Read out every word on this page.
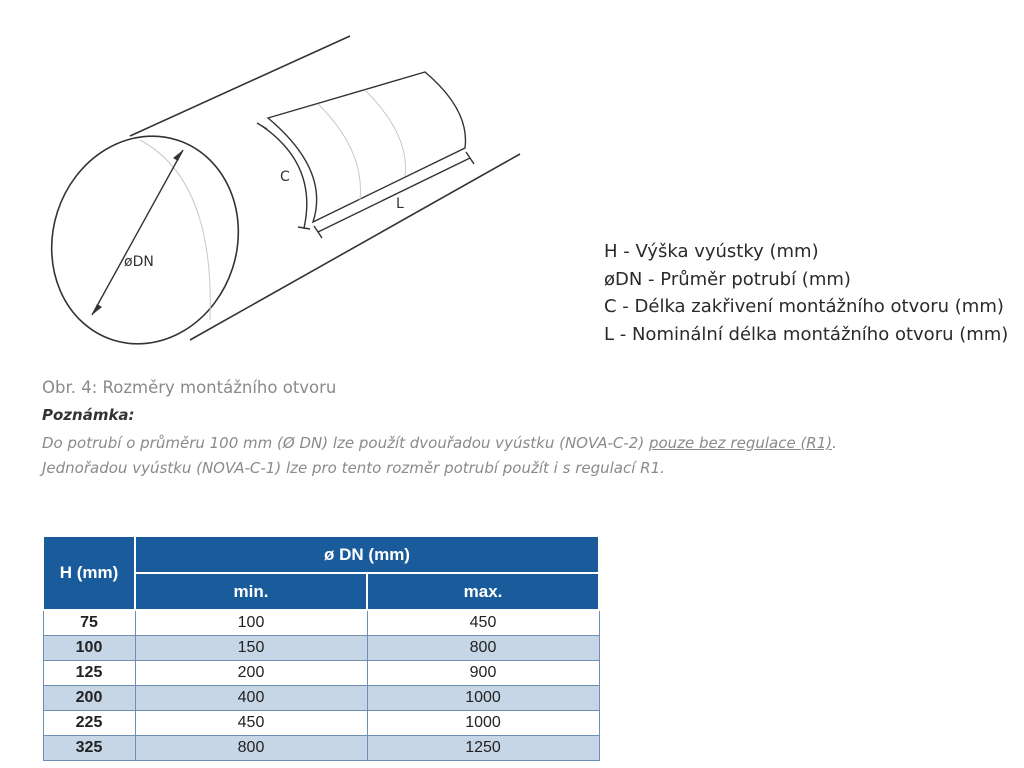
øDN
C
L
H - Výška vyústky (mm)
øDN - Průměr potrubí (mm)
C - Délka zakřivení montážního otvoru (mm)
L - Nominální délka montážního otvoru (mm)
Obr. 4: Rozměry montážního otvoru
Poznámka:
Do potrubí o průměru 100 mm (Ø DN) lze použít dvouřadou vyústku (NOVA-C-2) pouze bez regulace (R1).
Jednořadou vyústku (NOVA-C-1) lze pro tento rozměr potrubí použít i s regulací R1.
H (mm)	ø DN (mm)	
	min.	max.
75	100	450
100	150	800
125	200	900
200	400	1000
225	450	1000
325	800	1250
